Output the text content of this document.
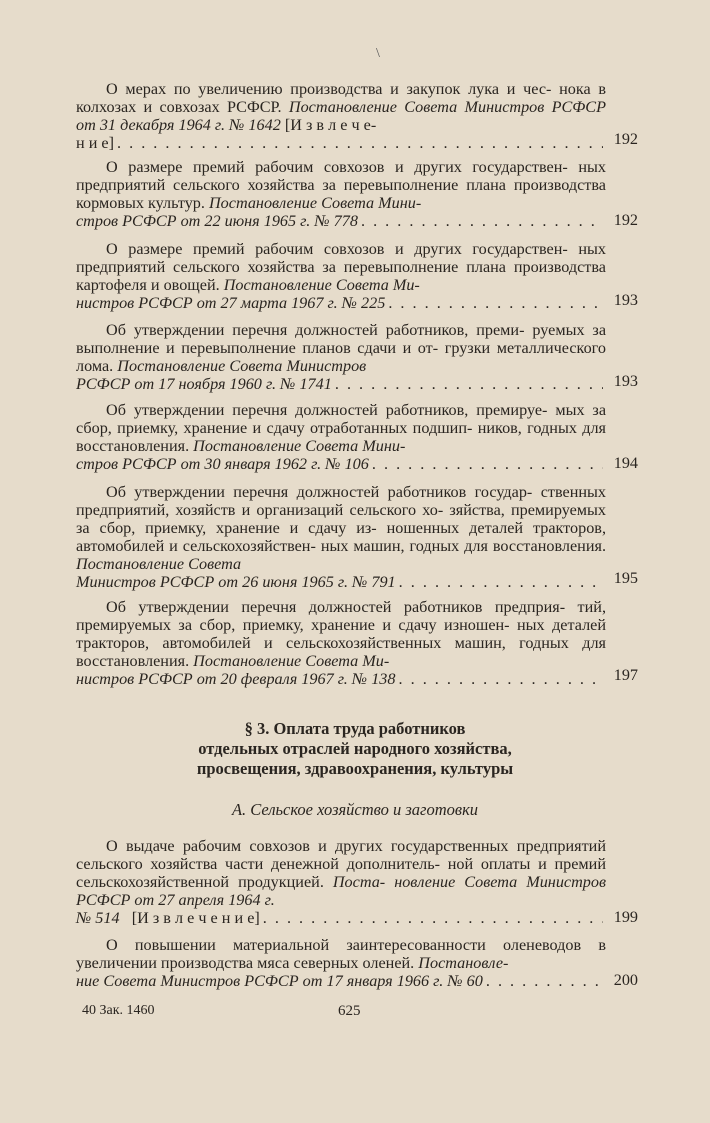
\

О мерах по увеличению производства и закупок лука и чес- нока в колхозах и совхозах РСФСР. Постановление Совета Министров РСФСР от 31 декабря 1964 г. № 1642 [И з в л е ч е-

н и е] . . .	192

О размере премий рабочим совхозов и других государствен- ных предприятий сельского хозяйства за перевыполнение плана производства кормовых культур. Постановление Совета Мини-

стров РСФСР от 22 июня 1965 г. № 778 . . .	192

О размере премий рабочим совхозов и других государствен- ных предприятий сельского хозяйства за перевыполнение плана производства картофеля и овощей. Постановление Совета Ми-

нистров РСФСР от 27 марта 1967 г. № 225 . . .	193

Об утверждении перечня должностей работников, преми- руемых за выполнение и перевыполнение планов сдачи и от- грузки металлического лома. Постановление Совета Министров

РСФСР от 17 ноября 1960 г. № 1741 . . .	193

Об утверждении перечня должностей работников, премируе- мых за сбор, приемку, хранение и сдачу отработанных подшип- ников, годных для восстановления. Постановление Совета Мини-

стров РСФСР от 30 января 1962 г. № 106 . . .	194

Об утверждении перечня должностей работников государ- ственных предприятий, хозяйств и организаций сельского хо- зяйства, премируемых за сбор, приемку, хранение и сдачу из- ношенных деталей тракторов, автомобилей и сельскохозяйствен- ных машин, годных для восстановления. Постановление Совета

Министров РСФСР от 26 июня 1965 г. № 791 . . .	195

Об утверждении перечня должностей работников предприя- тий, премируемых за сбор, приемку, хранение и сдачу изношен- ных деталей тракторов, автомобилей и сельскохозяйственных машин, годных для восстановления. Постановление Совета Ми-

нистров РСФСР от 20 февраля 1967 г. № 138 . . .	197
§ 3. Оплата труда работников
отдельных отраслей народного хозяйства,
просвещения, здравоохранения, культуры
А. Сельское хозяйство и заготовки

О выдаче рабочим совхозов и других государственных предприятий сельского хозяйства части денежной дополнитель- ной оплаты и премий сельскохозяйственной продукцией. Поста- новление Совета Министров РСФСР от 27 апреля 1964 г.

№ 514
[И з в л е ч е н и е] . . .	199

О повышении материальной заинтересованности оленеводов в увеличении производства мяса северных оленей. Постановле-

ние Совета Министров РСФСР от 17 января 1966 г. № 60 . . .	200
40 Зак. 1460	625
